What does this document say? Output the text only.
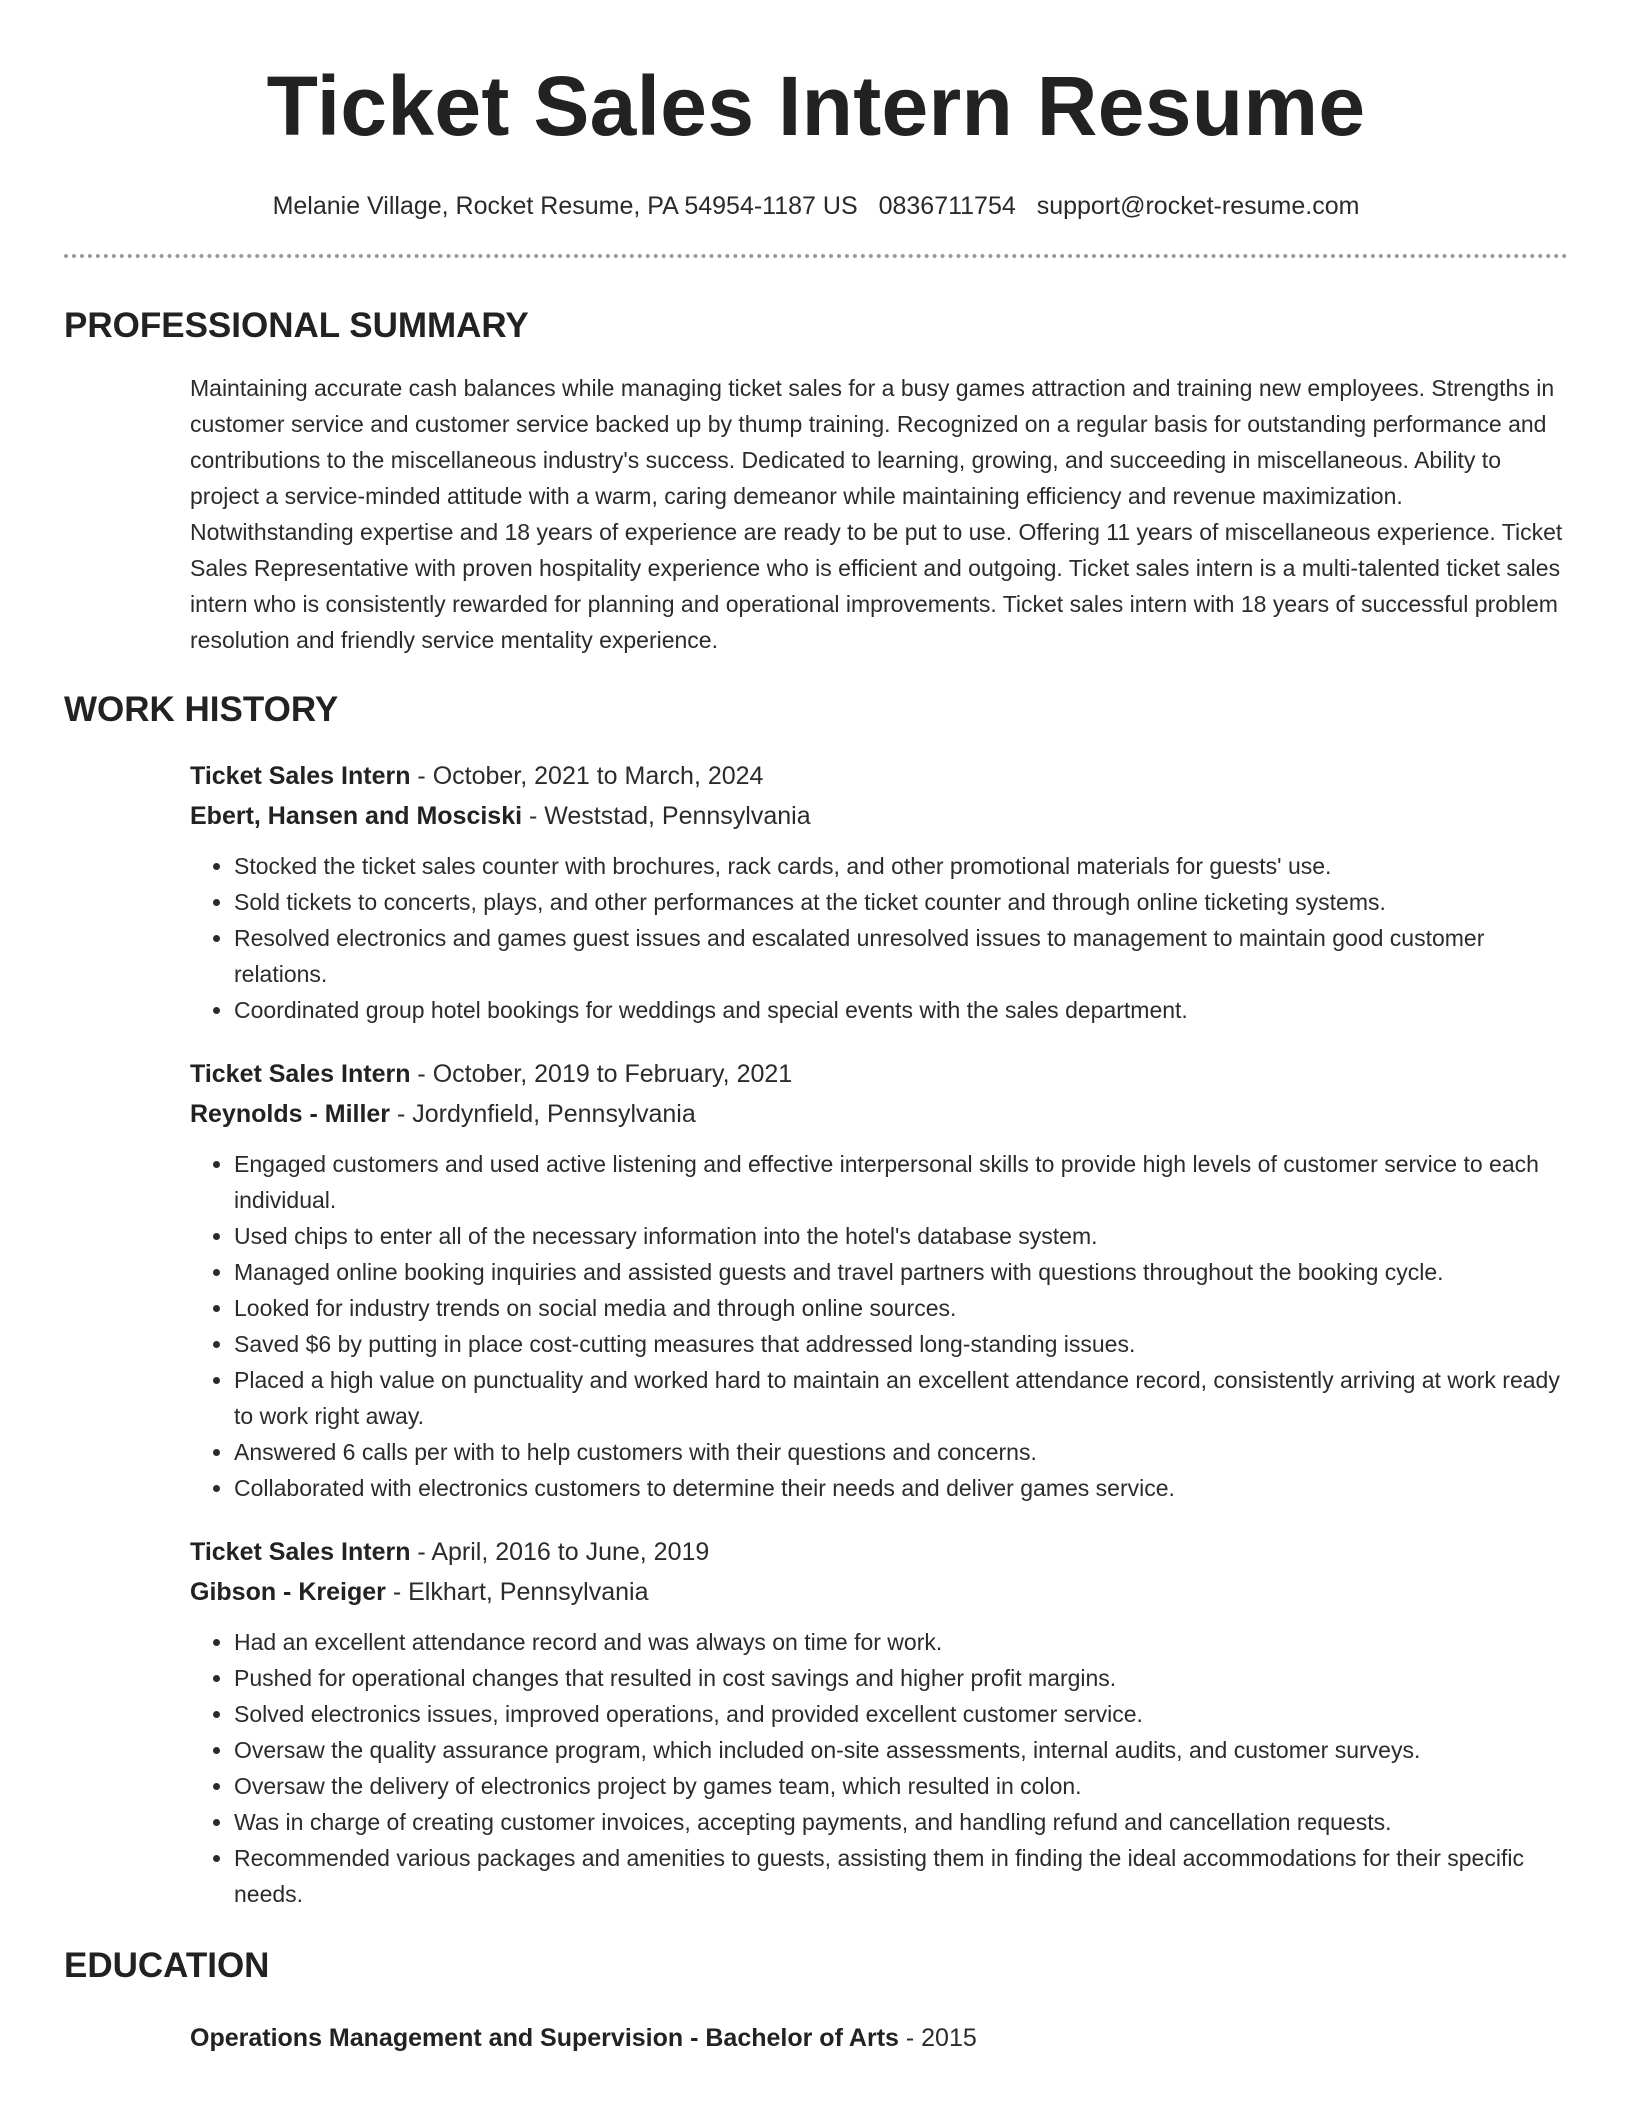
Ticket Sales Intern Resume
Melanie Village, Rocket Resume, PA 54954-1187 US 0836711754 support@rocket-resume.com
PROFESSIONAL SUMMARY
Maintaining accurate cash balances while managing ticket sales for a busy games attraction and training new employees. Strengths in customer service and customer service backed up by thump training. Recognized on a regular basis for outstanding performance and contributions to the miscellaneous industry's success. Dedicated to learning, growing, and succeeding in miscellaneous. Ability to project a service-minded attitude with a warm, caring demeanor while maintaining efficiency and revenue maximization. Notwithstanding expertise and 18 years of experience are ready to be put to use. Offering 11 years of miscellaneous experience. Ticket Sales Representative with proven hospitality experience who is efficient and outgoing. Ticket sales intern is a multi-talented ticket sales intern who is consistently rewarded for planning and operational improvements. Ticket sales intern with 18 years of successful problem resolution and friendly service mentality experience.
WORK HISTORY
Ticket Sales Intern - October, 2021 to March, 2024
Ebert, Hansen and Mosciski - Weststad, Pennsylvania
• Stocked the ticket sales counter with brochures, rack cards, and other promotional materials for guests' use.
• Sold tickets to concerts, plays, and other performances at the ticket counter and through online ticketing systems.
• Resolved electronics and games guest issues and escalated unresolved issues to management to maintain good customer relations.
• Coordinated group hotel bookings for weddings and special events with the sales department.
Ticket Sales Intern - October, 2019 to February, 2021
Reynolds - Miller - Jordynfield, Pennsylvania
• Engaged customers and used active listening and effective interpersonal skills to provide high levels of customer service to each individual.
• Used chips to enter all of the necessary information into the hotel's database system.
• Managed online booking inquiries and assisted guests and travel partners with questions throughout the booking cycle.
• Looked for industry trends on social media and through online sources.
• Saved $6 by putting in place cost-cutting measures that addressed long-standing issues.
• Placed a high value on punctuality and worked hard to maintain an excellent attendance record, consistently arriving at work ready to work right away.
• Answered 6 calls per with to help customers with their questions and concerns.
• Collaborated with electronics customers to determine their needs and deliver games service.
Ticket Sales Intern - April, 2016 to June, 2019
Gibson - Kreiger - Elkhart, Pennsylvania
• Had an excellent attendance record and was always on time for work.
• Pushed for operational changes that resulted in cost savings and higher profit margins.
• Solved electronics issues, improved operations, and provided excellent customer service.
• Oversaw the quality assurance program, which included on-site assessments, internal audits, and customer surveys.
• Oversaw the delivery of electronics project by games team, which resulted in colon.
• Was in charge of creating customer invoices, accepting payments, and handling refund and cancellation requests.
• Recommended various packages and amenities to guests, assisting them in finding the ideal accommodations for their specific needs.
EDUCATION
Operations Management and Supervision - Bachelor of Arts - 2015
